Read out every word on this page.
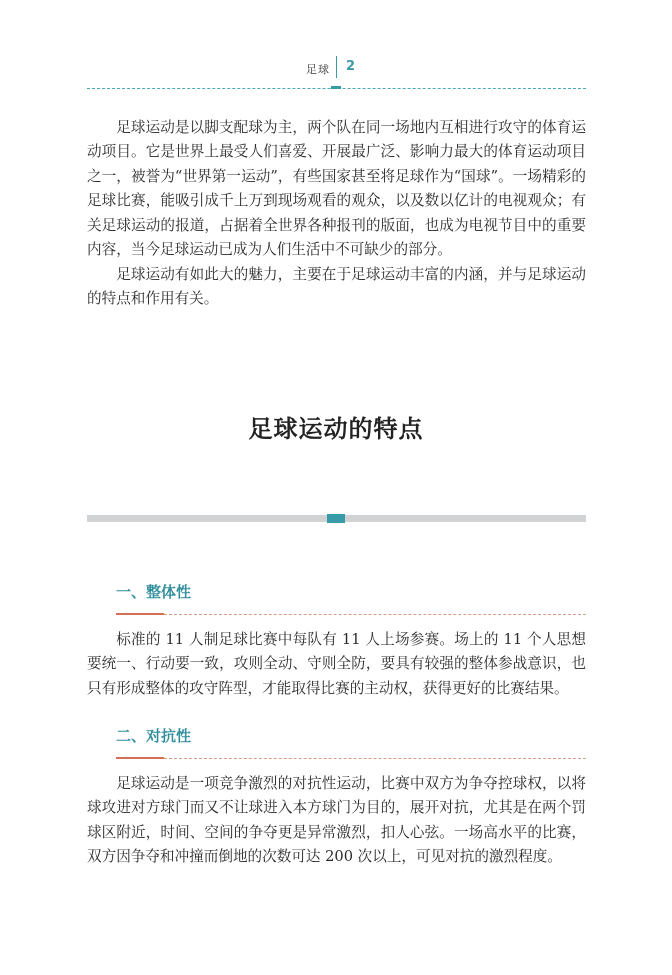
足球 2

足球运动是以脚支配球为主，两个队在同一场地内互相进行攻守的体育运动项目。它是世界上最受人们喜爱、开展最广泛、影响力最大的体育运动项目之一，被誉为“世界第一运动”，有些国家甚至将足球作为“国球”。一场精彩的足球比赛，能吸引成千上万到现场观看的观众，以及数以亿计的电视观众；有关足球运动的报道，占据着全世界各种报刊的版面，也成为电视节目中的重要内容，当今足球运动已成为人们生活中不可缺少的部分。

足球运动有如此大的魅力，主要在于足球运动丰富的内涵，并与足球运动的特点和作用有关。

足球运动的特点
一、整体性

标准的 11 人制足球比赛中每队有 11 人上场参赛。场上的 11 个人思想要统一、行动要一致，攻则全动、守则全防，要具有较强的整体参战意识，也只有形成整体的攻守阵型，才能取得比赛的主动权，获得更好的比赛结果。

二、对抗性

足球运动是一项竞争激烈的对抗性运动，比赛中双方为争夺控球权，以将球攻进对方球门而又不让球进入本方球门为目的，展开对抗，尤其是在两个罚球区附近，时间、空间的争夺更是异常激烈，扣人心弦。一场高水平的比赛，双方因争夺和冲撞而倒地的次数可达 200 次以上，可见对抗的激烈程度。
